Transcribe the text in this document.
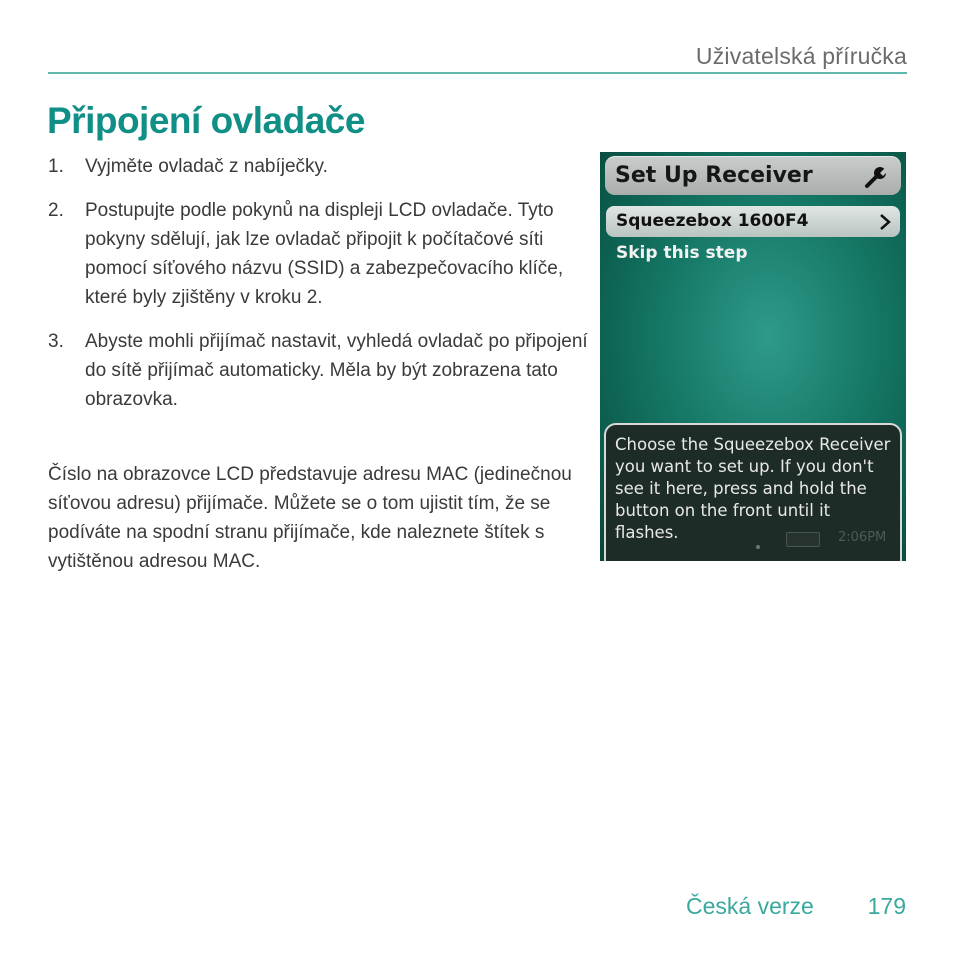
Uživatelská příručka
Připojení ovladače
1.	Vyjměte ovladač z nabíječky.
2.	Postupujte podle pokynů na displeji LCD ovladače. Tyto pokyny sdělují, jak lze ovladač připojit k počítačové síti pomocí síťového názvu (SSID) a zabezpečovacího klíče, které byly zjištěny v kroku 2.
3.	Abyste mohli přijímač nastavit, vyhledá ovladač po připojení do sítě přijímač automaticky. Měla by být zobrazena tato obrazovka.

Číslo na obrazovce LCD představuje adresu MAC (jedinečnou síťovou adresu) přijímače. Můžete se o tom ujistit tím, že se podíváte na spodní stranu přijímače, kde naleznete štítek s vytištěnou adresou MAC.

Set Up Receiver
Squeezebox 1600F4
Skip this step
Choose the Squeezebox Receiver you want to set up. If you don't see it here, press and hold the button on the front until it flashes.	2:06PM
Česká verze 179
